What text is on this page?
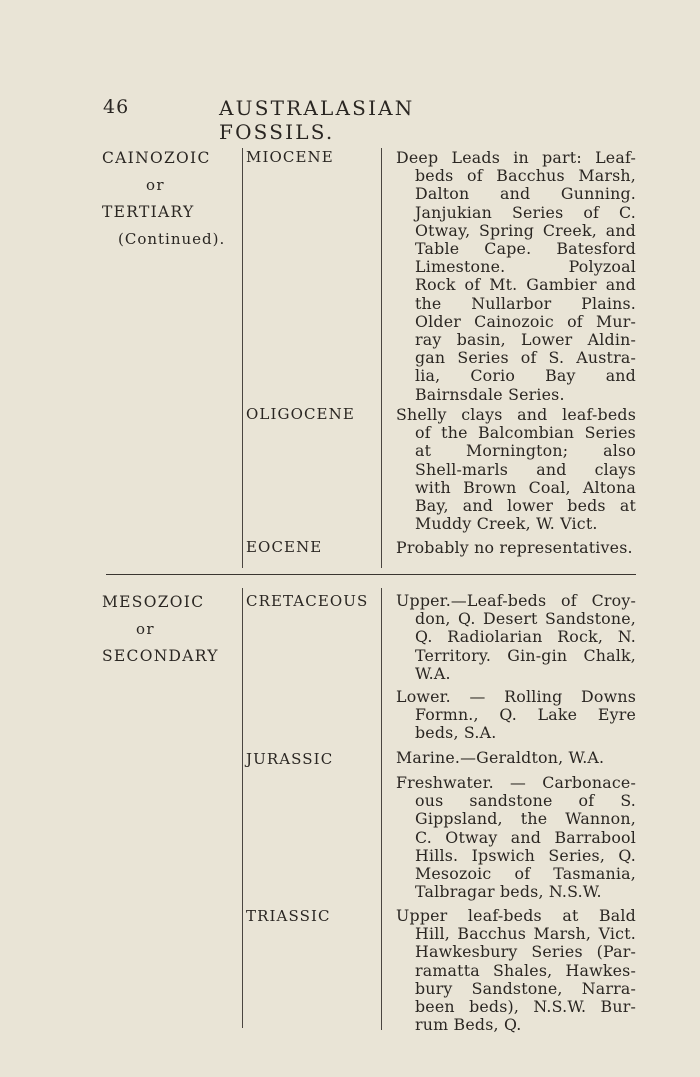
46	AUSTRALASIAN FOSSILS.
CAINOZOIC
or
TERTIARY
(Continued).
MESOZOIC
or
SECONDARY
MIOCENE
OLIGOCENE
EOCENE
CRETACEOUS
JURASSIC
TRIASSIC
Deep Leads in part: Leaf-
beds of Bacchus Marsh,
Dalton and Gunning.
Janjukian Series of C.
Otway, Spring Creek, and
Table Cape. Batesford
Limestone. Polyzoal
Rock of Mt. Gambier and
the Nullarbor Plains.
Older Cainozoic of Mur-
ray basin, Lower Aldin-
gan Series of S. Austra-
lia, Corio Bay and
Bairnsdale Series.
Shelly clays and leaf-beds
of the Balcombian Series
at Mornington; also
Shell-marls and clays
with Brown Coal, Altona
Bay, and lower beds at
Muddy Creek, W. Vict.
Probably no representatives.
Upper.—Leaf-beds of Croy-
don, Q. Desert Sandstone,
Q. Radiolarian Rock, N.
Territory. Gin-gin Chalk,
W.A.
Lower. — Rolling Downs
Formn., Q. Lake Eyre
beds, S.A.
Marine.—Geraldton, W.A.
Freshwater. — Carbonace-
ous sandstone of S.
Gippsland, the Wannon,
C. Otway and Barrabool
Hills. Ipswich Series, Q.
Mesozoic of Tasmania,
Talbragar beds, N.S.W.
Upper leaf-beds at Bald
Hill, Bacchus Marsh, Vict.
Hawkesbury Series (Par-
ramatta Shales, Hawkes-
bury Sandstone, Narra-
been beds), N.S.W. Bur-
rum Beds, Q.
